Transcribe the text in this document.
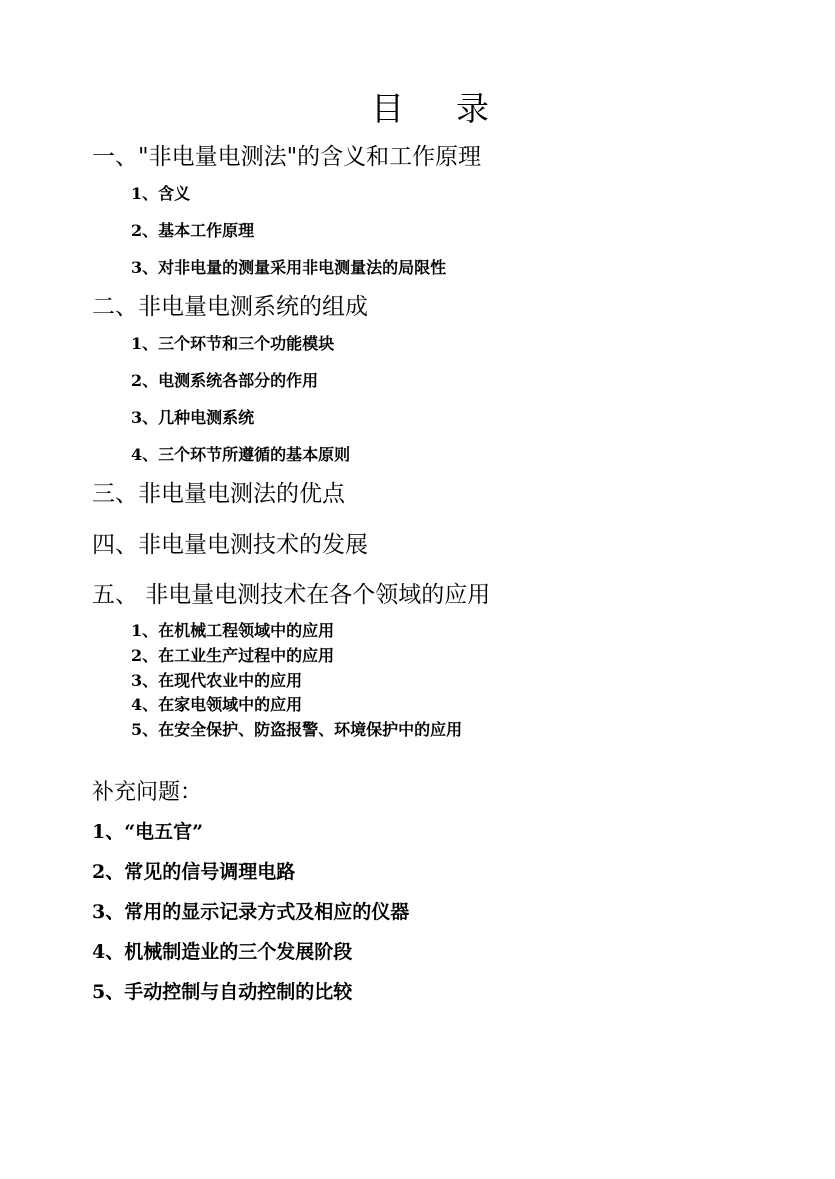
目 录
一、"非电量电测法"的含义和工作原理
1、含义
2、基本工作原理
3、对非电量的测量采用非电测量法的局限性
二、非电量电测系统的组成
1、三个环节和三个功能模块
2、电测系统各部分的作用
3、几种电测系统
4、三个环节所遵循的基本原则
三、非电量电测法的优点
四、非电量电测技术的发展
五、 非电量电测技术在各个领域的应用
1、在机械工程领域中的应用
2、在工业生产过程中的应用
3、在现代农业中的应用
4、在家电领域中的应用
5、在安全保护、防盗报警、环境保护中的应用
补充问题：
1、“电五官”
2、常见的信号调理电路
3、常用的显示记录方式及相应的仪器
4、机械制造业的三个发展阶段
5、手动控制与自动控制的比较
